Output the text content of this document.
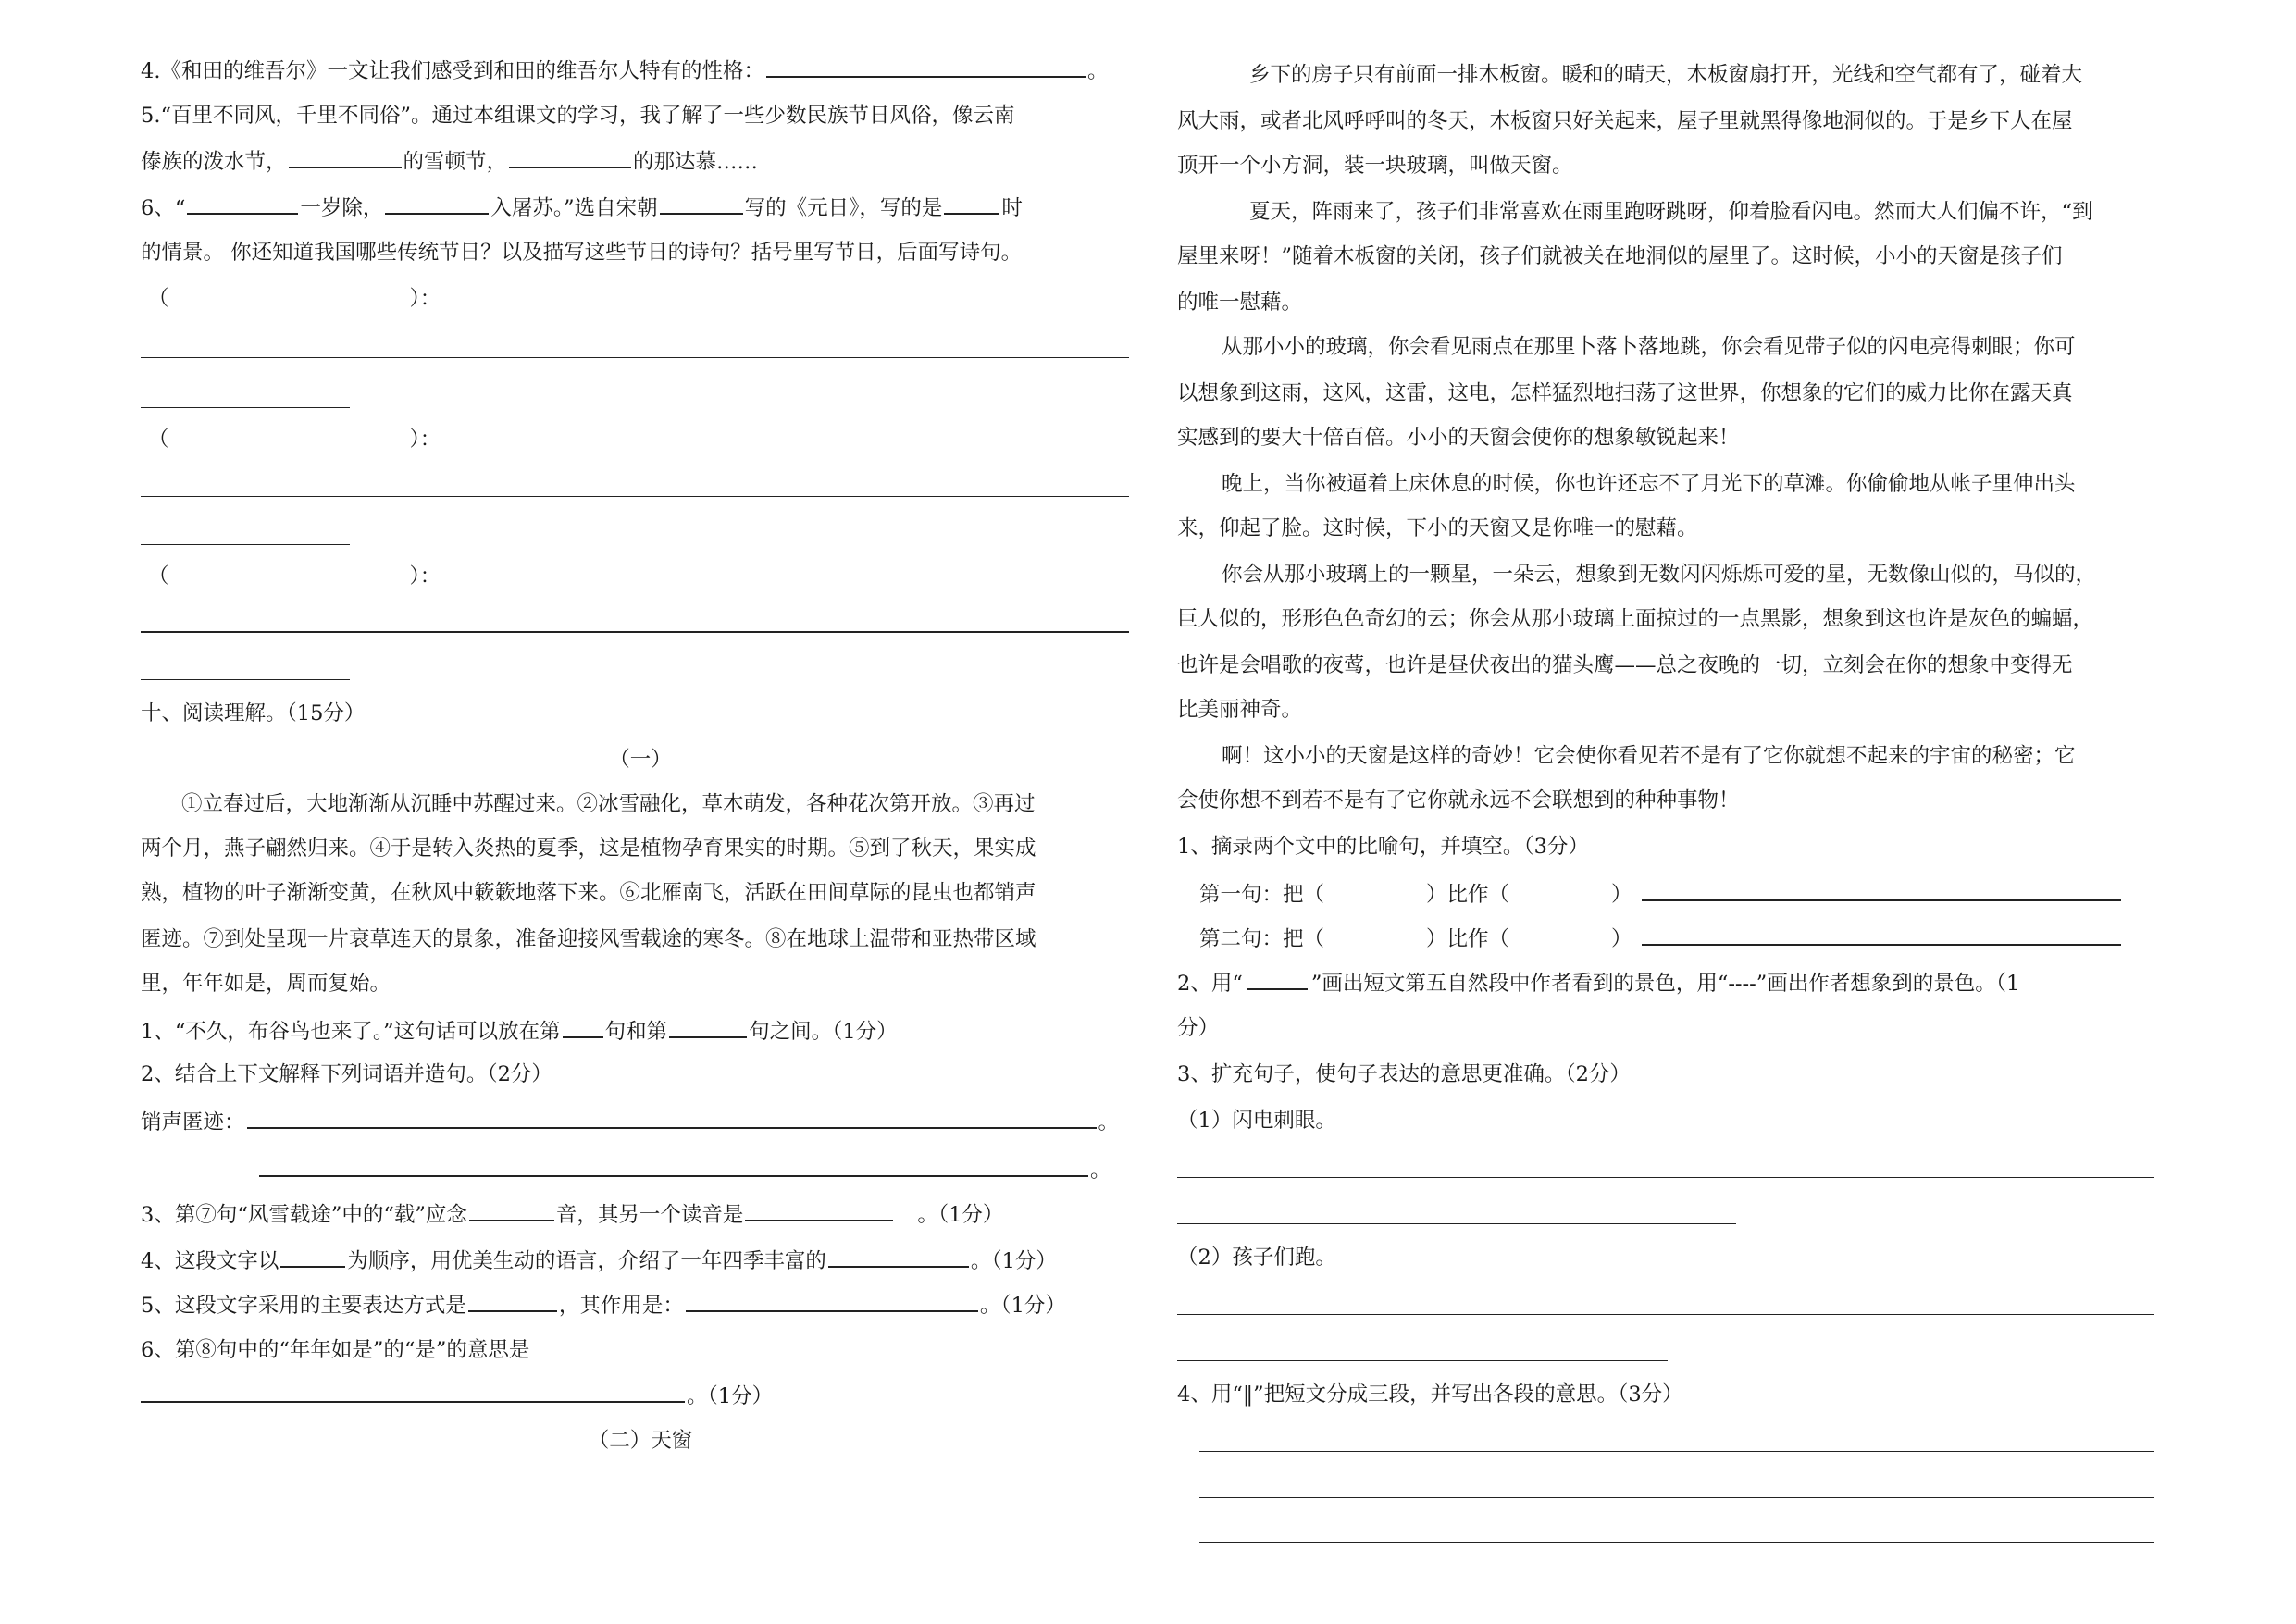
4.《和田的维吾尔》一文让我们感受到和田的维吾尔人特有的性格：	。
5.“百里不同风，千里不同俗”。通过本组课文的学习，我了解了一些少数民族节日风俗，像云南
傣族的泼水节，	的雪顿节，	的那达慕……
6、“	一岁除，	入屠苏。”选自宋朝	写的《元日》，写的是	时
的情景。 你还知道我国哪些传统节日？以及描写这些节日的诗句？括号里写节日，后面写诗句。
（	）：
（	）：
（	）：
十、阅读理解。（15分）
（一）
①立春过后，大地渐渐从沉睡中苏醒过来。②冰雪融化，草木萌发，各种花次第开放。③再过
两个月，燕子翩然归来。④于是转入炎热的夏季，这是植物孕育果实的时期。⑤到了秋天，果实成
熟，植物的叶子渐渐变黄，在秋风中簌簌地落下来。⑥北雁南飞，活跃在田间草际的昆虫也都销声
匿迹。⑦到处呈现一片衰草连天的景象，准备迎接风雪载途的寒冬。⑧在地球上温带和亚热带区域
里，年年如是，周而复始。
1、“不久，布谷鸟也来了。”这句话可以放在第 句和第	句之间。（1分）
2、结合上下文解释下列词语并造句。（2分）
销声匿迹：	。
。
3、第⑦句“风雪载途”中的“载”应念	音，其另一个读音是	。（1分）
4、这段文字以	为顺序，用优美生动的语言，介绍了一年四季丰富的	。（1分）
5、这段文字采用的主要表达方式是	，其作用是：	。（1分）
6、第⑧句中的“年年如是”的“是”的意思是
。（1分）
（二）天窗
乡下的房子只有前面一排木板窗。暖和的晴天，木板窗扇打开，光线和空气都有了，碰着大
风大雨，或者北风呼呼叫的冬天，木板窗只好关起来，屋子里就黑得像地洞似的。于是乡下人在屋
顶开一个小方洞，装一块玻璃，叫做天窗。
夏天，阵雨来了，孩子们非常喜欢在雨里跑呀跳呀，仰着脸看闪电。然而大人们偏不许，“到
屋里来呀！”随着木板窗的关闭，孩子们就被关在地洞似的屋里了。这时候，小小的天窗是孩子们
的唯一慰藉。
从那小小的玻璃，你会看见雨点在那里卜落卜落地跳，你会看见带子似的闪电亮得刺眼；你可
以想象到这雨，这风，这雷，这电，怎样猛烈地扫荡了这世界，你想象的它们的威力比你在露天真
实感到的要大十倍百倍。小小的天窗会使你的想象敏锐起来！
晚上，当你被逼着上床休息的时候，你也许还忘不了月光下的草滩。你偷偷地从帐子里伸出头
来，仰起了脸。这时候，下小的天窗又是你唯一的慰藉。
你会从那小玻璃上的一颗星，一朵云，想象到无数闪闪烁烁可爱的星，无数像山似的，马似的，
巨人似的，形形色色奇幻的云；你会从那小玻璃上面掠过的一点黑影，想象到这也许是灰色的蝙蝠，
也许是会唱歌的夜莺，也许是昼伏夜出的猫头鹰——总之夜晚的一切，立刻会在你的想象中变得无
比美丽神奇。
啊！这小小的天窗是这样的奇妙！它会使你看见若不是有了它你就想不起来的宇宙的秘密；它
会使你想不到若不是有了它你就永远不会联想到的种种事物！
1、摘录两个文中的比喻句，并填空。（3分）
第一句：把（	）比作（	）
第二句：把（	）比作（	）
2、用“	”画出短文第五自然段中作者看到的景色，用“----”画出作者想象到的景色。（1
分）
3、扩充句子，使句子表达的意思更准确。（2分）
（1）闪电刺眼。
（2）孩子们跑。
4、用“‖”把短文分成三段，并写出各段的意思。（3分）
